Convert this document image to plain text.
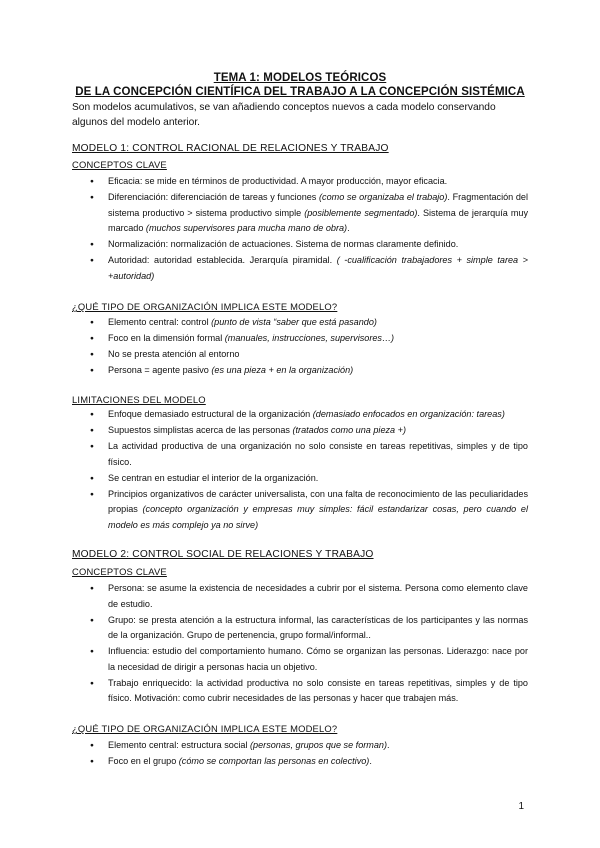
TEMA 1: MODELOS TEÓRICOS
DE LA CONCEPCIÓN CIENTÍFICA DEL TRABAJO A LA CONCEPCIÓN SISTÉMICA
Son modelos acumulativos, se van añadiendo conceptos nuevos a cada modelo conservando algunos del modelo anterior.
MODELO 1: CONTROL RACIONAL DE RELACIONES Y TRABAJO
CONCEPTOS CLAVE
● Eficacia: se mide en términos de productividad. A mayor producción, mayor eficacia.
● Diferenciación: diferenciación de tareas y funciones (como se organizaba el trabajo). Fragmentación del sistema productivo > sistema productivo simple (posiblemente segmentado). Sistema de jerarquía muy marcado (muchos supervisores para mucha mano de obra).
● Normalización: normalización de actuaciones. Sistema de normas claramente definido.
● Autoridad: autoridad establecida. Jerarquía piramidal. ( -cualificación trabajadores + simple tarea > +autoridad)
¿QUÉ TIPO DE ORGANIZACIÓN IMPLICA ESTE MODELO?
● Elemento central: control (punto de vista “saber que está pasando)
● Foco en la dimensión formal (manuales, instrucciones, supervisores…)
● No se presta atención al entorno
● Persona = agente pasivo (es una pieza + en la organización)
LIMITACIONES DEL MODELO
● Enfoque demasiado estructural de la organización (demasiado enfocados en organización: tareas)
● Supuestos simplistas acerca de las personas (tratados como una pieza +)
● La actividad productiva de una organización no solo consiste en tareas repetitivas, simples y de tipo físico.
● Se centran en estudiar el interior de la organización.
● Principios organizativos de carácter universalista, con una falta de reconocimiento de las peculiaridades propias (concepto organización y empresas muy simples: fácil estandarizar cosas, pero cuando el modelo es más complejo ya no sirve)
MODELO 2: CONTROL SOCIAL DE RELACIONES Y TRABAJO
CONCEPTOS CLAVE
● Persona: se asume la existencia de necesidades a cubrir por el sistema. Persona como elemento clave de estudio.
● Grupo: se presta atención a la estructura informal, las características de los participantes y las normas de la organización. Grupo de pertenencia, grupo formal/informal..
● Influencia: estudio del comportamiento humano. Cómo se organizan las personas. Liderazgo: nace por la necesidad de dirigir a personas hacia un objetivo.
● Trabajo enriquecido: la actividad productiva no solo consiste en tareas repetitivas, simples y de tipo físico. Motivación: como cubrir necesidades de las personas y hacer que trabajen más.
¿QUÉ TIPO DE ORGANIZACIÓN IMPLICA ESTE MODELO?
● Elemento central: estructura social (personas, grupos que se forman).
● Foco en el grupo (cómo se comportan las personas en colectivo).
1
